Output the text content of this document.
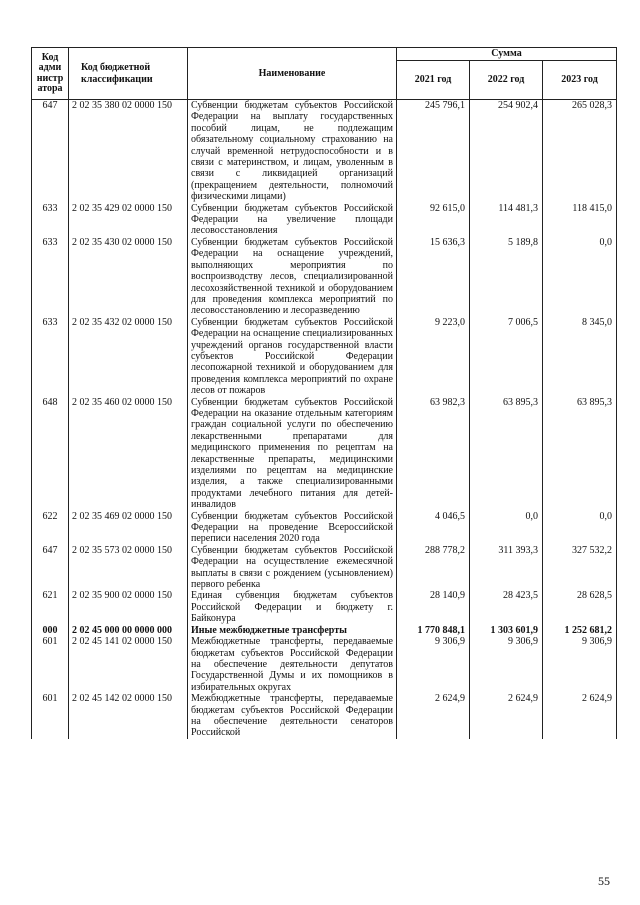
Код адми нистр атора	Код бюджетной классификации	Наименование	Сумма		
			2021 год	2022 год	2023 год
647	2 02 35 380 02 0000 150	Субвенции бюджетам субъектов Российской Федерации на выплату государственных пособий лицам, не подлежащим обязательному социальному страхованию на случай временной нетрудоспособности и в связи с материнством, и лицам, уволенным в связи с ликвидацией организаций (прекращением деятельности, полномочий физическими лицами)	245 796,1	254 902,4	265 028,3
633	2 02 35 429 02 0000 150	Субвенции бюджетам субъектов Российской Федерации на увеличение площади лесовосстановления	92 615,0	114 481,3	118 415,0
633	2 02 35 430 02 0000 150	Субвенции бюджетам субъектов Российской Федерации на оснащение учреждений, выполняющих мероприятия по воспроизводству лесов, специализированной лесохозяйственной техникой и оборудованием для проведения комплекса мероприятий по лесовосстановлению и лесоразведению	15 636,3	5 189,8	0,0
633	2 02 35 432 02 0000 150	Субвенции бюджетам субъектов Российской Федерации на оснащение специализированных учреждений органов государственной власти субъектов Российской Федерации лесопожарной техникой и оборудованием для проведения комплекса мероприятий по охране лесов от пожаров	9 223,0	7 006,5	8 345,0
648	2 02 35 460 02 0000 150	Субвенции бюджетам субъектов Российской Федерации на оказание отдельным категориям граждан социальной услуги по обеспечению лекарственными препаратами для медицинского применения по рецептам на лекарственные препараты, медицинскими изделиями по рецептам на медицинские изделия, а также специализированными продуктами лечебного питания для детей-инвалидов	63 982,3	63 895,3	63 895,3
622	2 02 35 469 02 0000 150	Субвенции бюджетам субъектов Российской Федерации на проведение Всероссийской переписи населения 2020 года	4 046,5	0,0	0,0
647	2 02 35 573 02 0000 150	Субвенции бюджетам субъектов Российской Федерации на осуществление ежемесячной выплаты в связи с рождением (усыновлением) первого ребенка	288 778,2	311 393,3	327 532,2
621	2 02 35 900 02 0000 150	Единая субвенция бюджетам субъектов Российской Федерации и бюджету г. Байконура	28 140,9	28 423,5	28 628,5
000	2 02 45 000 00 0000 000	Иные межбюджетные трансферты	1 770 848,1	1 303 601,9	1 252 681,2
601	2 02 45 141 02 0000 150	Межбюджетные трансферты, передаваемые бюджетам субъектов Российской Федерации на обеспечение деятельности депутатов Государственной Думы и их помощников в избирательных округах	9 306,9	9 306,9	9 306,9
601	2 02 45 142 02 0000 150	Межбюджетные трансферты, передаваемые бюджетам субъектов Российской Федерации на обеспечение деятельности сенаторов Российской	2 624,9	2 624,9	2 624,9
55
